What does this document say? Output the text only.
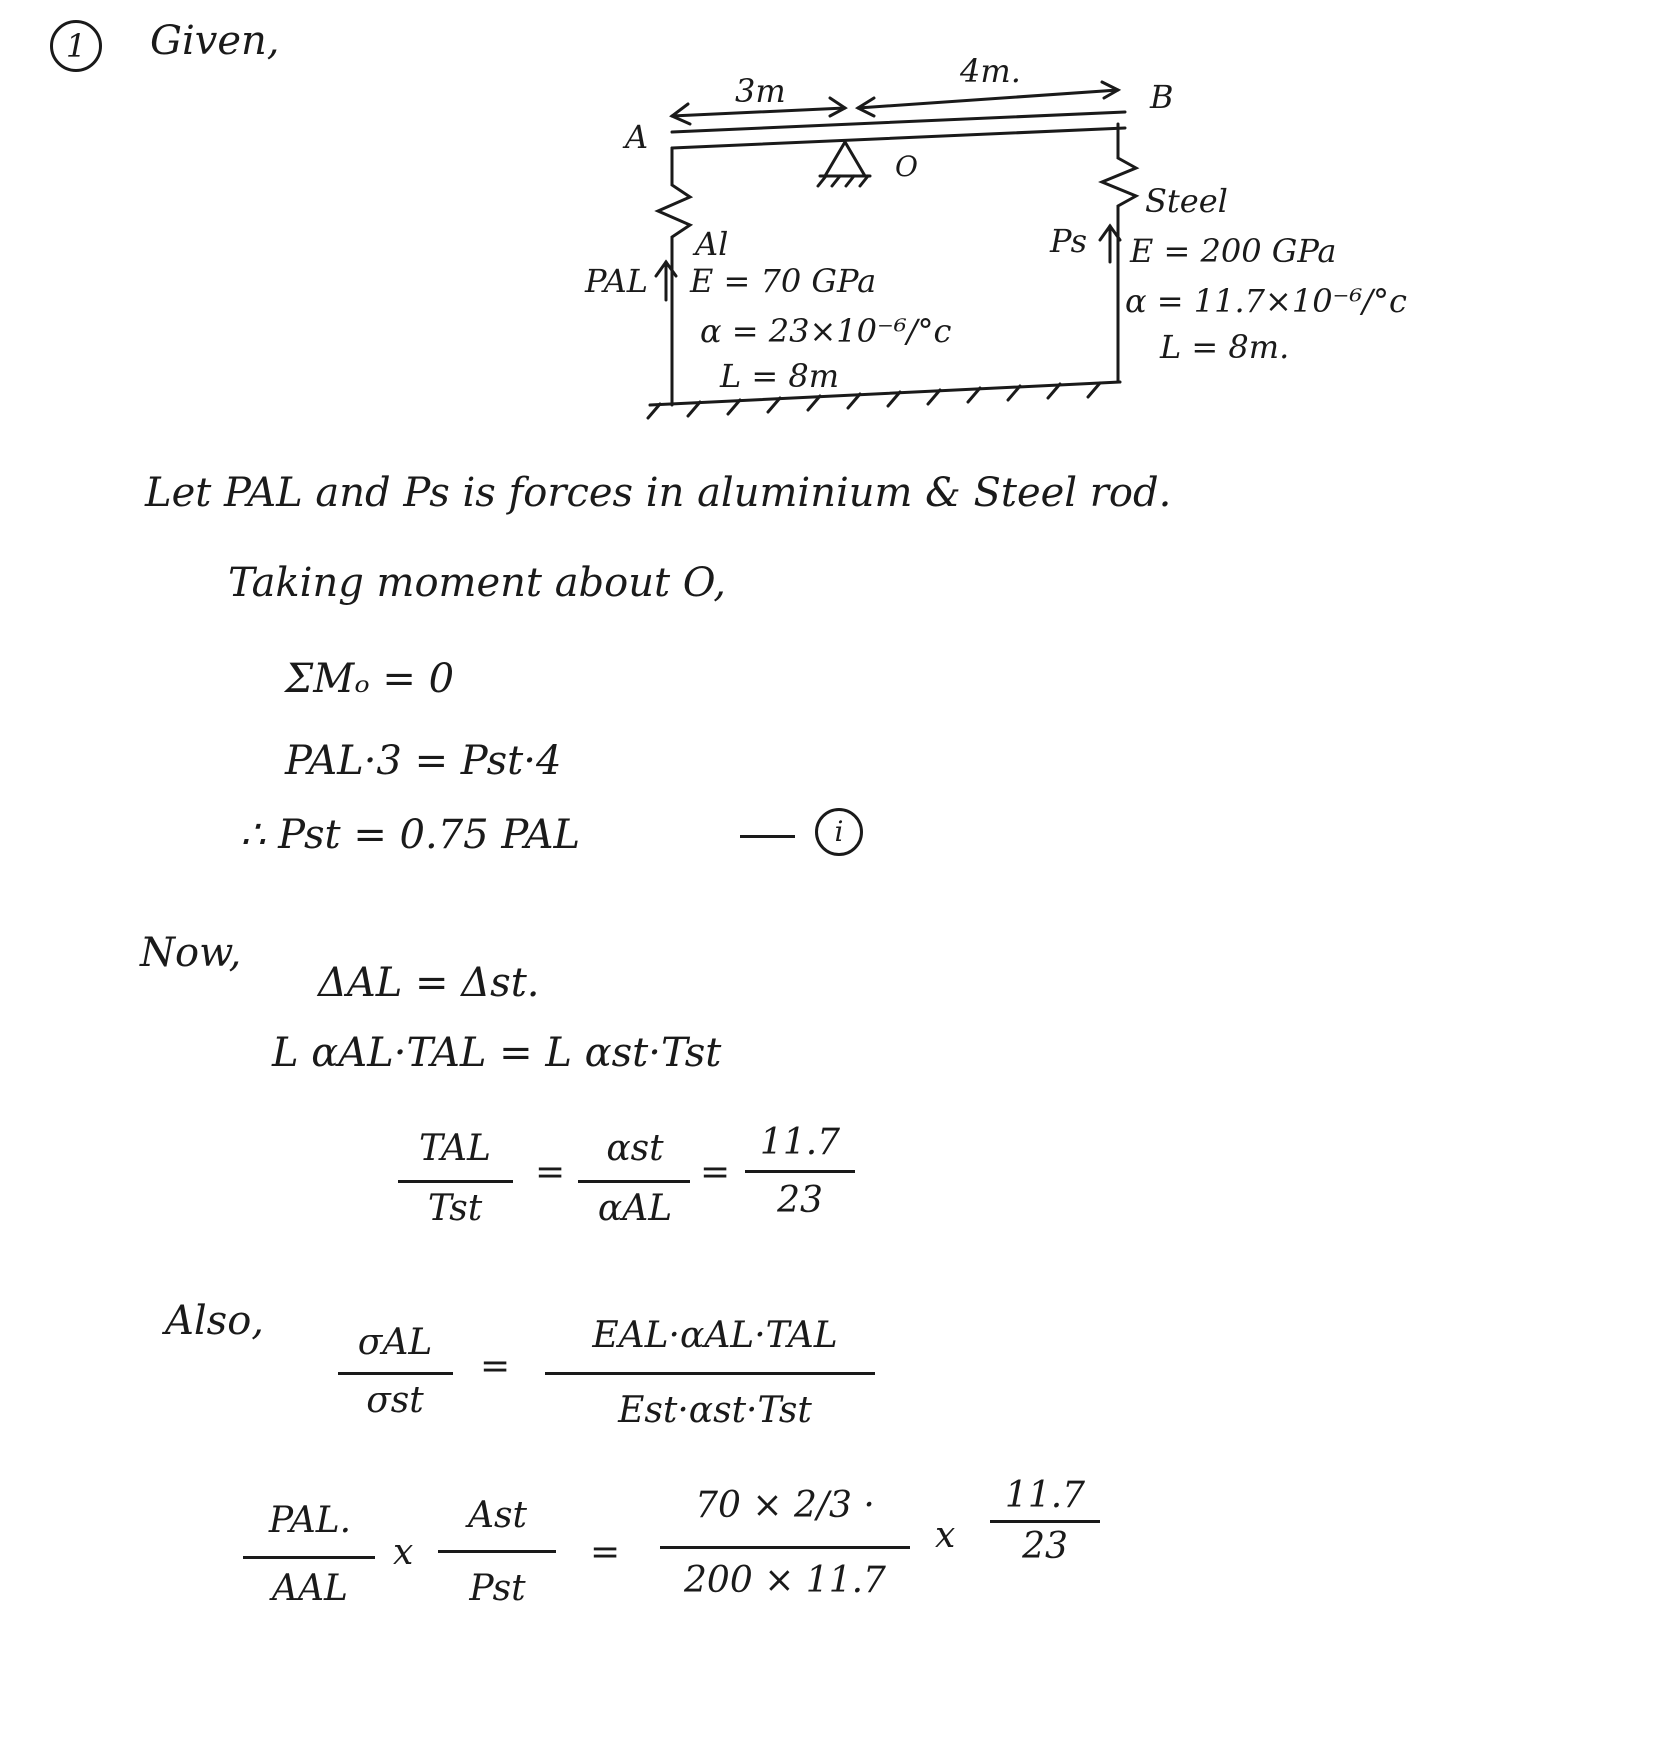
1	Given,
3m
4m.
A
B
O
PAL
Ps
Al
E = 70 GPa
α = 23×10⁻⁶/°c
L = 8m
Steel
E = 200 GPa
α = 11.7×10⁻⁶/°c
L = 8m.
Let PAL and Ps is forces in aluminium & Steel rod.
Taking moment about O,
ΣMₒ = 0
PAL·3 = Pst·4
∴ Pst = 0.75 PAL	i
Now,
ΔAL = Δst.
L αAL·TAL = L αst·Tst
TAL
Tst
=
αst
αAL
=
11.7
23
Also,	σAL
σst
=
EAL·αAL·TAL
Est·αst·Tst
PAL.
AAL
x
Ast
Pst
=
70 × 2/3 ·
200 × 11.7
x
11.7
23
